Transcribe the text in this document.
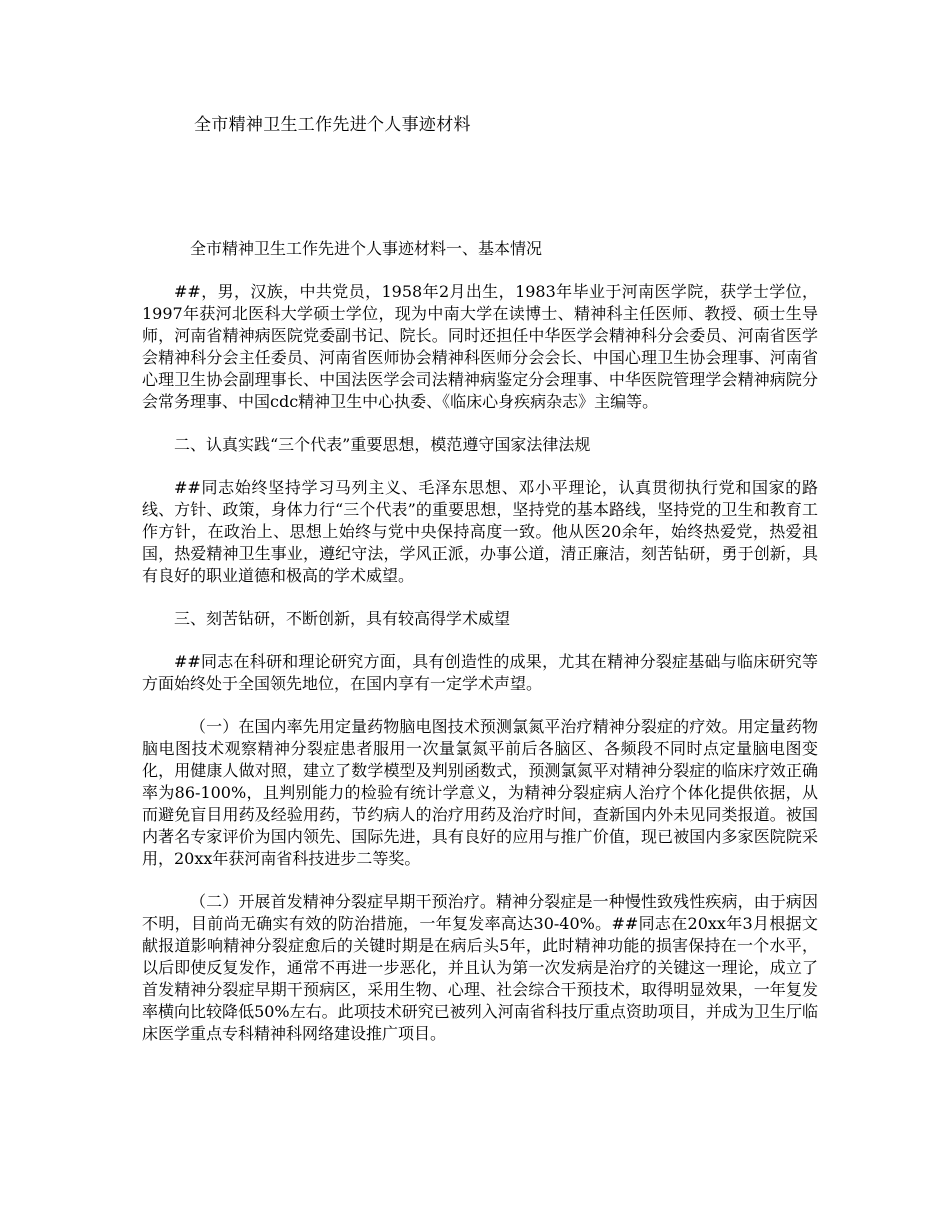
全市精神卫生工作先进个人事迹材料

全市精神卫生工作先进个人事迹材料一、基本情况

##，男，汉族，中共党员，1958年2月出生，1983年毕业于河南医学院，获学士学位，1997年获河北医科大学硕士学位，现为中南大学在读博士、精神科主任医师、教授、硕士生导师，河南省精神病医院党委副书记、院长。同时还担任中华医学会精神科分会委员、河南省医学会精神科分会主任委员、河南省医师协会精神科医师分会会长、中国心理卫生协会理事、河南省心理卫生协会副理事长、中国法医学会司法精神病鉴定分会理事、中华医院管理学会精神病院分会常务理事、中国cdc精神卫生中心执委、《临床心身疾病杂志》主编等。

二、认真实践“三个代表”重要思想，模范遵守国家法律法规

##同志始终坚持学习马列主义、毛泽东思想、邓小平理论，认真贯彻执行党和国家的路线、方针、政策，身体力行“三个代表”的重要思想，坚持党的基本路线，坚持党的卫生和教育工作方针，在政治上、思想上始终与党中央保持高度一致。他从医20余年，始终热爱党，热爱祖国，热爱精神卫生事业，遵纪守法，学风正派，办事公道，清正廉洁，刻苦钻研，勇于创新，具有良好的职业道德和极高的学术威望。

三、刻苦钻研，不断创新，具有较高得学术威望

##同志在科研和理论研究方面，具有创造性的成果，尤其在精神分裂症基础与临床研究等方面始终处于全国领先地位，在国内享有一定学术声望。

（一）在国内率先用定量药物脑电图技术预测氯氮平治疗精神分裂症的疗效。用定量药物脑电图技术观察精神分裂症患者服用一次量氯氮平前后各脑区、各频段不同时点定量脑电图变化，用健康人做对照，建立了数学模型及判别函数式，预测氯氮平对精神分裂症的临床疗效正确率为86-100%，且判别能力的检验有统计学意义，为精神分裂症病人治疗个体化提供依据，从而避免盲目用药及经验用药，节约病人的治疗用药及治疗时间，查新国内外未见同类报道。被国内著名专家评价为国内领先、国际先进，具有良好的应用与推广价值，现已被国内多家医院院采用，20xx年获河南省科技进步二等奖。

（二）开展首发精神分裂症早期干预治疗。精神分裂症是一种慢性致残性疾病，由于病因不明，目前尚无确实有效的防治措施，一年复发率高达30-40%。##同志在20xx年3月根据文献报道影响精神分裂症愈后的关键时期是在病后头5年，此时精神功能的损害保持在一个水平，以后即使反复发作，通常不再进一步恶化，并且认为第一次发病是治疗的关键这一理论，成立了首发精神分裂症早期干预病区，采用生物、心理、社会综合干预技术，取得明显效果，一年复发率横向比较降低50%左右。此项技术研究已被列入河南省科技厅重点资助项目，并成为卫生厅临床医学重点专科精神科网络建设推广项目。
